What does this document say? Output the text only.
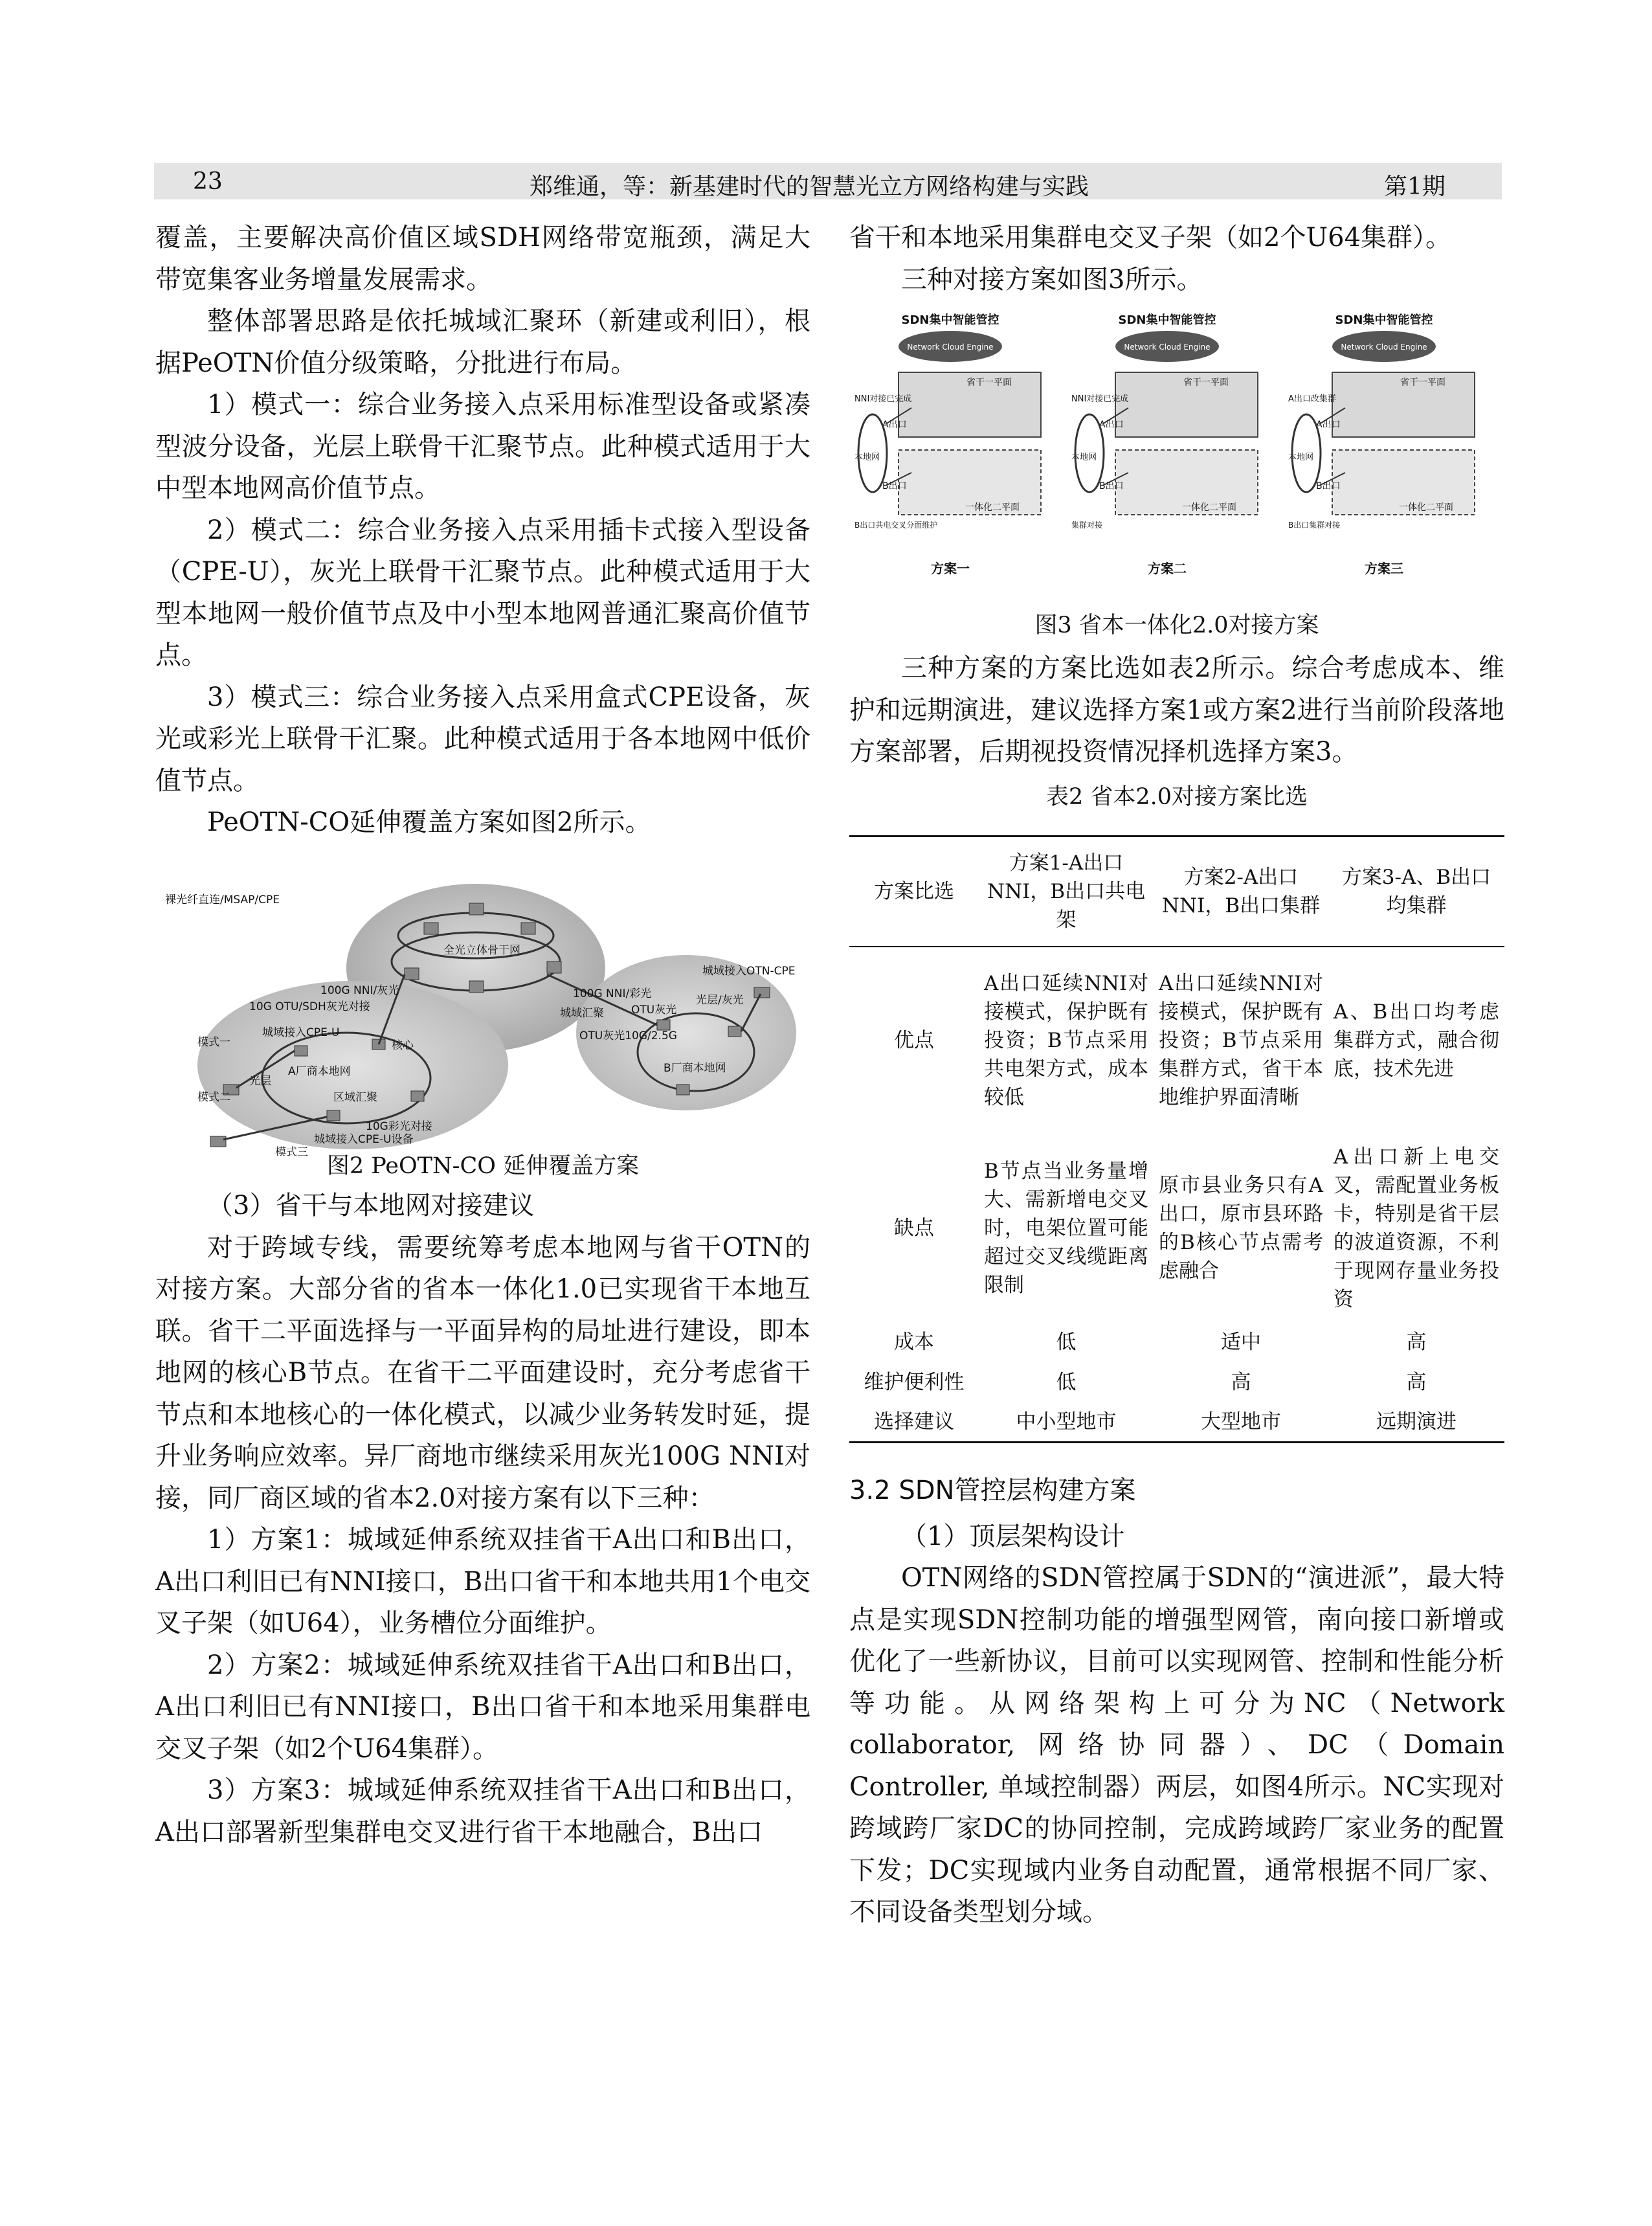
23	郑维通，等：新基建时代的智慧光立方网络构建与实践	第1期

覆盖，主要解决高价值区域SDH网络带宽瓶颈，满足大带宽集客业务增量发展需求。

整体部署思路是依托城域汇聚环（新建或利旧），根据PeOTN价值分级策略，分批进行布局。

1）模式一：综合业务接入点采用标准型设备或紧凑型波分设备，光层上联骨干汇聚节点。此种模式适用于大中型本地网高价值节点。

2）模式二：综合业务接入点采用插卡式接入型设备（CPE-U），灰光上联骨干汇聚节点。此种模式适用于大型本地网一般价值节点及中小型本地网普通汇聚高价值节点。

3）模式三：综合业务接入点采用盒式CPE设备，灰光或彩光上联骨干汇聚。此种模式适用于各本地网中低价值节点。

PeOTN-CO延伸覆盖方案如图2所示。

全光立体骨干网
A厂商本地网	B厂商本地网
100G NNI/灰光	100G NNI/彩光
10G OTU/SDH灰光对接	OTU灰光
OTU灰光10G/2.5G
光层/灰光
城域汇聚
城域接入OTN-CPE
城域接入CPE-U
城域接入CPE-U设备
裸光纤直连/MSAP/CPE
模式一
模式二
模式三
核心
光层
10G彩光对接
区域汇聚
图2 PeOTN-CO 延伸覆盖方案

（3）省干与本地网对接建议

对于跨域专线，需要统筹考虑本地网与省干OTN的对接方案。大部分省的省本一体化1.0已实现省干本地互联。省干二平面选择与一平面异构的局址进行建设，即本地网的核心B节点。在省干二平面建设时，充分考虑省干节点和本地核心的一体化模式，以减少业务转发时延，提升业务响应效率。异厂商地市继续采用灰光100G NNI对接，同厂商区域的省本2.0对接方案有以下三种：

1）方案1：城域延伸系统双挂省干A出口和B出口，A出口利旧已有NNI接口，B出口省干和本地共用1个电交叉子架（如U64），业务槽位分面维护。

2）方案2：城域延伸系统双挂省干A出口和B出口，A出口利旧已有NNI接口，B出口省干和本地采用集群电交叉子架（如2个U64集群）。

3）方案3：城域延伸系统双挂省干A出口和B出口，A出口部署新型集群电交叉进行省干本地融合，B出口

省干和本地采用集群电交叉子架（如2个U64集群）。

三种对接方案如图3所示。

SDN集中智能管控
Network Cloud Engine
省干一平面
一体化二平面
A出口
B出口
本地网
NNI对接已完成
B出口共电交叉分面维护
方案一
SDN集中智能管控
Network Cloud Engine
省干一平面
一体化二平面
A出口
B出口
本地网
NNI对接已完成
集群对接
方案二
SDN集中智能管控
Network Cloud Engine
省干一平面
一体化二平面
A出口
B出口
本地网
A出口改集群
B出口集群对接
方案三
图3 省本一体化2.0对接方案

三种方案的方案比选如表2所示。综合考虑成本、维护和远期演进，建议选择方案1或方案2进行当前阶段落地方案部署，后期视投资情况择机选择方案3。

表2 省本2.0对接方案比选
方案比选	方案1-A出口NNI，B出口共电架	方案2-A出口NNI，B出口集群	方案3-A、B出口均集群
优点	A出口延续NNI对接模式，保护既有投资；B节点采用共电架方式，成本较低	A出口延续NNI对接模式，保护既有投资；B节点采用集群方式，省干本地维护界面清晰	A、B出口均考虑集群方式，融合彻底，技术先进
缺点	B节点当业务量增大、需新增电交叉时，电架位置可能超过交叉线缆距离限制	原市县业务只有A出口，原市县环路的B核心节点需考虑融合	A出口新上电交叉，需配置业务板卡，特别是省干层的波道资源，不利于现网存量业务投资
成本	低	适中	高
维护便利性	低	高	高
选择建议	中小型地市	大型地市	远期演进

3.2 SDN管控层构建方案

（1）顶层架构设计

OTN网络的SDN管控属于SDN的“演进派”，最大特点是实现SDN控制功能的增强型网管，南向接口新增或优化了一些新协议，目前可以实现网管、控制和性能分析等功能。从网络架构上可分为NC（Network collaborator, 网络协同器）、DC（Domain Controller, 单域控制器）两层，如图4所示。NC实现对跨域跨厂家DC的协同控制，完成跨域跨厂家业务的配置下发；DC实现域内业务自动配置，通常根据不同厂家、不同设备类型划分域。
